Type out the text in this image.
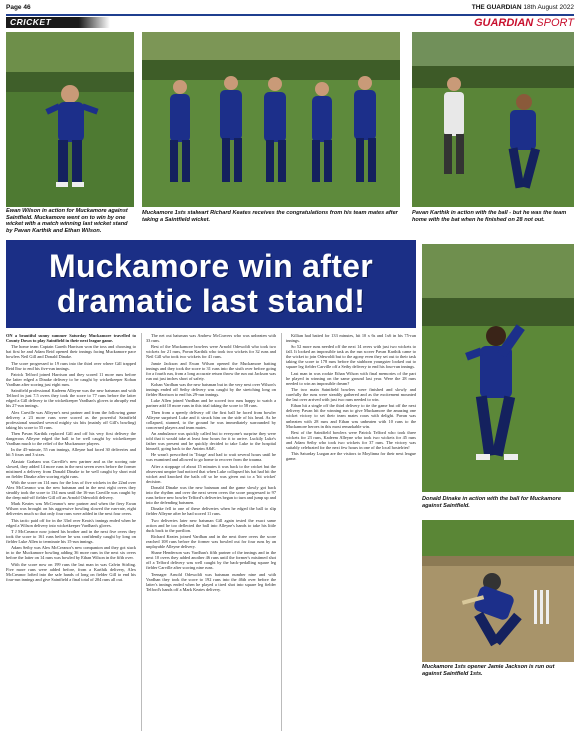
Page 46	THE GUARDIAN 18th August 2022
CRICKET	GUARDIAN SPORT
Ewan Wilson in action for Muckamore against Saintfield. Muckamore went on to win by one wicket with a match winning last wicket stand by Pavan Karthik and Ethan Wilson.
Muckamore 1sts stalwart Richard Keates receives the congratulations from his team mates after taking a Saintfield wicket.
Pavan Karthik in action with the ball - but he was the team home with the bat when he finished on 28 not out.
Muckamore win after
dramatic last stand!
Donald Dinake in action with the ball for Muckamore against Saintfield.
Muckamore 1sts opener Jamie Jackson is run out against Saintfield 1sts.

ON a beautiful sunny summer Saturday Muckamore travelled to County Down to play Saintfield in their next league game.

The home team Captain Gareth Harrison won the toss and choosing to bat first he and Adam Reid opened their innings facing Muckamore pace bowlers Neil Gill and Donald Dinake.

The score progressed to 19 runs into the third over where Gill trapped Reid lbw to end his five-run innings.

Patrick Telford joined Harrison and they scored 11 more runs before the latter edged a Dinake delivery to be caught by wicketkeeper Kohan Vardhan after scoring just eight runs.

Saintfield professional Kadeem Alleyne was the new batsman and with Telford in just 7.5 overs they took the score to 77 runs before the latter edged a Gill delivery to the wicketkeeper Vardhan's gloves to abruptly end his 27-run innings.

Alex Carville was Alleyne's next partner and from the following game delivery a 23 more runs were scored as the powerful Saintfield professional smashed several mighty six hits (mainly off Gill's bowling) taking his score to 55 runs.

Then Pavan Karthik replaced Gill and off his very first delivery the dangerous Alleyne edged the ball to be well caught by wicketkeeper Vardhan much to the relief of the Muckamore players.

In the 45-minute, 55 run innings, Alleyne had faced 30 deliveries and hit 5 fours and 3 sixes.

Alastair Graham was Carville's new partner and as the scoring rate slowed, they added 14 more runs in the next seven overs before the former mistimed a delivery from Donald Dinake to be well caught by short mid on fielder Dinake after scoring eight runs.

With the score on 114 runs for the loss of five wickets in the 22nd over Alex McCreanor was the new batsman and in the next eight overs they steadily took the score to 134 runs until the 16-run Carville was caught by the deep mid-off fielder Gill off an Arnold Odewoldi delivery.

Mark Keates was McCreanor's new partner and when the fiery Ewan Wilson was brought on his aggressive bowling slowed the run-rate, eight deliveries much so that only four runs were added in the next four overs.

This tactic paid off for in the 33rd over Keats's innings ended when he edged a Wilson delivery into wicketkeeper Vardhan's gloves.

T J McCreanor now joined his brother and in the next five overs they took the score to 161 runs before he was confidently caught by long on fielder Luke Allen to terminate his 15-run innings.

Adam Seiby was Alex McCreanor's new companion and they got stuck in to the Muckamore bowling adding 36 more runs in the next six overs before the latter on 14 runs was bowled by Ethan Wilson in the fifth over.

With the score now on 199 runs the last man in was Calvin Stirling. Five more runs were added before, from a Karthik delivery, Alex McCreanor lofted into the safe hands of long on fielder Gill to end his four-run innings and give Saintfield a final total of 204 runs all out.

The net out batsman was Andrew McCravers who was unbeaten with 33 runs.

Best of the Muckamore bowlers were Arnold Odewoldi who took two wickets for 21 runs, Pavan Karthik who took two wickets for 32 runs and Neil Gill who took two wickets for 41 runs.

Jamie Jackson and Ewan Wilson opened the Muckamore batting innings and they took the score to 31 runs into the sixth over before going for a fourth run, from a long accurate return throw the run out Jackson was run out just inches short of safety.

Kohan Vardhan was the new batsman but in the very next over Wilson's innings ended off Seiby delivery was caught by the stretching long on fielder Harrison to end his 29-run innings.

Luke Allen joined Vardhan and he scored two runs happy to watch a partner add 10 more runs in this trial taking the score to 58 runs.

Then from a speedy delivery off the first ball he faced from bowler Alleyne surprised Luke and it struck him on the side of his head. As he collapsed, stunned, to the ground he was immediately surrounded by concerned players and team mates.

An ambulance was quickly called but to everyone's surprise they were told that it would take at least four hours for it to arrive. Luckily Luke's father was present and he quickly decided to take Luke to the hospital himself, going back to the Antrim A&E.

He wasn't prescribed in 'Triage' and had to wait several hours until he was examined and allowed to go home to recover from the trauma.

After a stoppage of about 15 minutes it was back to the cricket but the observant umpire had noticed that when Luke collapsed his bat had hit the wicket and knocked the bails off so he was given out to a 'hit wicket' decision.

Donald Dinake was the new batsman and the game slowly got back into the rhythm and over the next seven overs the score progressed to 97 runs before new bowler Telford's deliveries began to turn and jump up and into the defending batsmen.

Dinake fell to one of these deliveries when he edged the ball to slip fielder Alleyne after he had scored 11 runs.

Two deliveries later new batsman Gill again tested the exact same action and he too deflected the ball into Alleyne's hands to take his little duck back to the pavilion.

Richard Keates joined Vardhan and in the next three overs the score reached 108 runs before the former was bowled out for four runs by an unplayable Alleyne delivery.

Shane Henderson was Vardhan's fifth partner of the innings and in the next 10 overs they added another 46 runs until the former's mistimed shot off a Telford delivery was well caught by the back-pedalling square leg fielder Carville after scoring nine runs.

Teenager Arnold Odewoldi was batsman number nine and with Vardhan they took the score to 192 runs into the 46th over before the latter's innings ended when he played a tired shot into square leg fielder Telford's hands off a Mark Keates delivery.

Killian had batted for 133 minutes, hit 10 x 6s and 1x6 in his 75-run innings.

So 52 more runs needed off the next 14 overs with just two wickets to fall. It looked an impossible task as the run scorer Pavan Karthik came to the wicket to join Odewoldi but to the agony even they set out to their task taking the score to 178 runs before the stubborn youngster looked out to square leg fielder Carville off a Seiby delivery to end his four-run innings.

Last man in was rookie Ethan Wilson with final memories of the part he played in winning on the same ground last year. Were the 28 runs needed to win an impossible dream?

The two main Saintfield bowlers were finished and slowly and carefully the runs were steadily gathered and as the excitement mounted the last over arrived with just two runs needed to win.

Ethan hit a single off the third delivery to tie the game but off the next delivery Pavan hit the winning run to give Muckamore the amazing one wicket victory to set their team mates roars with delight. Pavan was unbeaten with 28 runs and Ethan was unbeaten with 10 runs to the Muckamore heroes in this most remarkable win.

Best of the Saintfield bowlers were Patrick Telford who took three wickets for 23 runs, Kadeem Alleyne who took two wickets for 45 runs and Adam Seiby who took two wickets for 37 runs. The victory was suitably celebrated for the next few hours in one of the local hostelries!

This Saturday Lurgan are the visitors to Moylinna for their next league game.
